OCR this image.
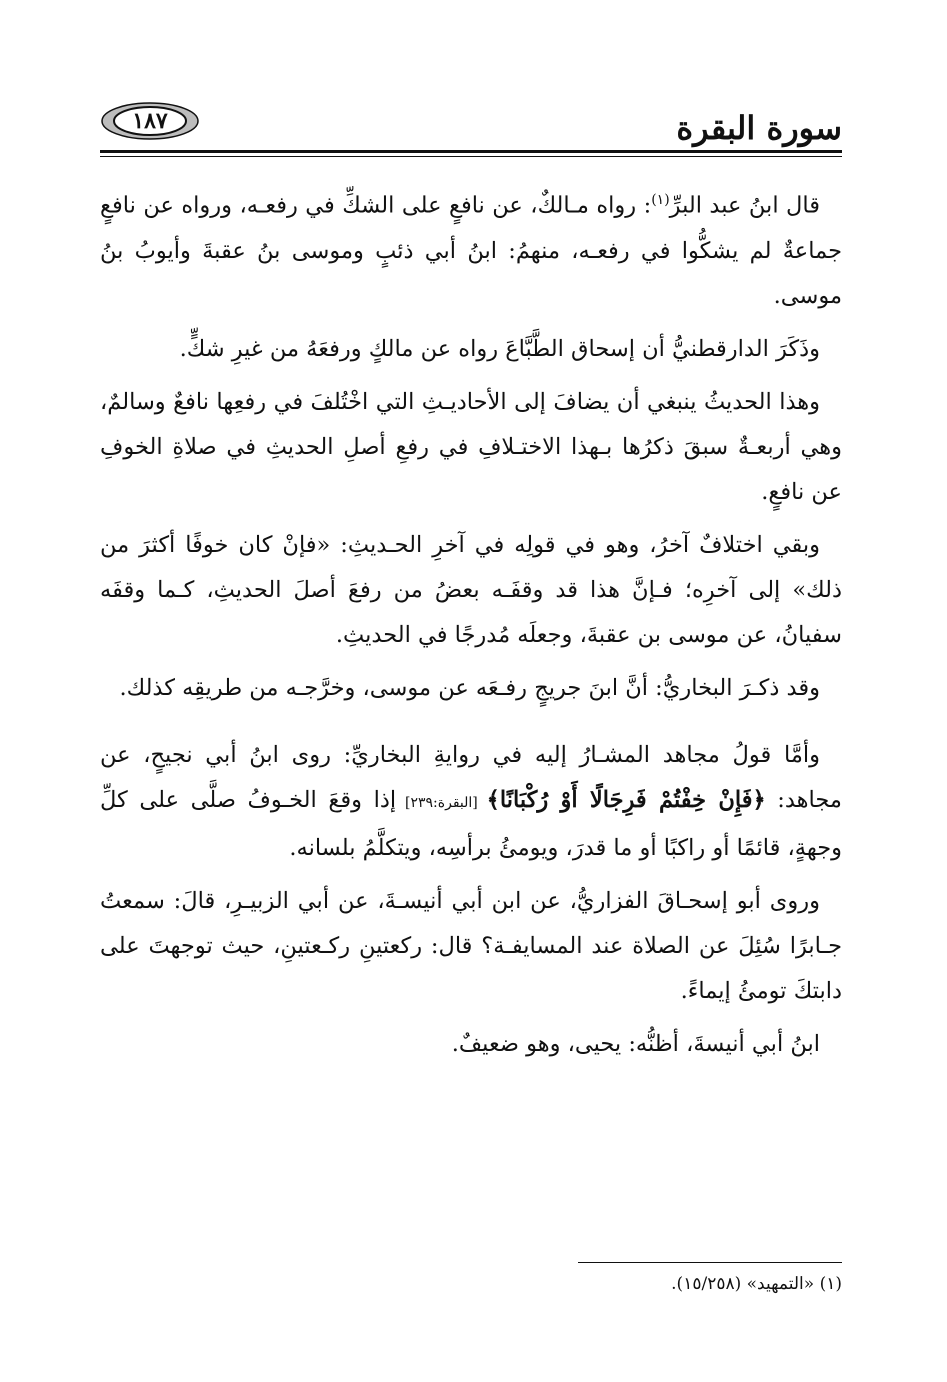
١٨٧	سورة البقرة

قال ابنُ عبد البرِّ$^{(١)}$: رواه مـالكٌ، عن نافعٍ على الشكِّ في رفعـه، ورواه عن نافعٍ جماعةٌ لم يشكُّوا في رفعـه، منهمُ: ابنُ أبي ذئبٍ وموسى بنُ عقبةَ وأيوبُ بنُ موسى.

وذَكَرَ الدارقطنيُّ أن إسحاق الطَّبَّاعَ رواه عن مالكٍ ورفعَهُ من غيرِ شكٍّ.

وهذا الحديثُ ينبغي أن يضافَ إلى الأحاديـثِ التي اخْتُلفَ في رفعِها نافعٌ وسالمٌ، وهي أربعـةٌ سبقَ ذكرُها بـهذا الاختـلافِ في رفعِ أصلِ الحديثِ في صلاةِ الخوفِ عن نافعٍ.

وبقي اختلافٌ آخرُ، وهو في قولِه في آخرِ الحـديثِ: «فإنْ كان خوفًا أكثرَ من ذلك» إلى آخرِه؛ فـإنَّ هذا قد وقفَـه بعضُ من رفعَ أصلَ الحديثِ، كـما وقفَه سفيانُ، عن موسى بن عقبةَ، وجعلَه مُدرجًا في الحديثِ.

وقد ذكـرَ البخاريُّ: أنَّ ابنَ جريجٍ رفـعَه عن موسى، وخرَّجـه من طريقِه كذلك.

وأمَّا قولُ مجاهد المشـارُ إليه في روايةِ البخاريِّ: روى ابنُ أبي نجيحٍ، عن مجاهد: ﴿فَإِنْ خِفْتُمْ فَرِجَالًا أَوْ رُكْبَانًا﴾ [البقرة:٢٣٩] إذا وقعَ الخـوفُ صلَّى على كلِّ وجهةٍ، قائمًا أو راكبًا أو ما قدرَ، ويومئُ برأسِه، ويتكلَّمُ بلسانه.

وروى أبو إسحـاقَ الفزاريُّ، عن ابن أبي أنيسـةَ، عن أبي الزبيـرِ، قالَ: سمعتُ جـابرًا سُئِلَ عن الصلاة عند المسايفـة؟ قال: ركعتينِ ركـعتينِ، حيث توجهتَ على دابتكَ تومئُ إيماءً.

ابنُ أبي أنيسةَ، أظنُّه: يحيى، وهو ضعيفٌ.

(١) «التمهيد» (١٥/٢٥٨).
